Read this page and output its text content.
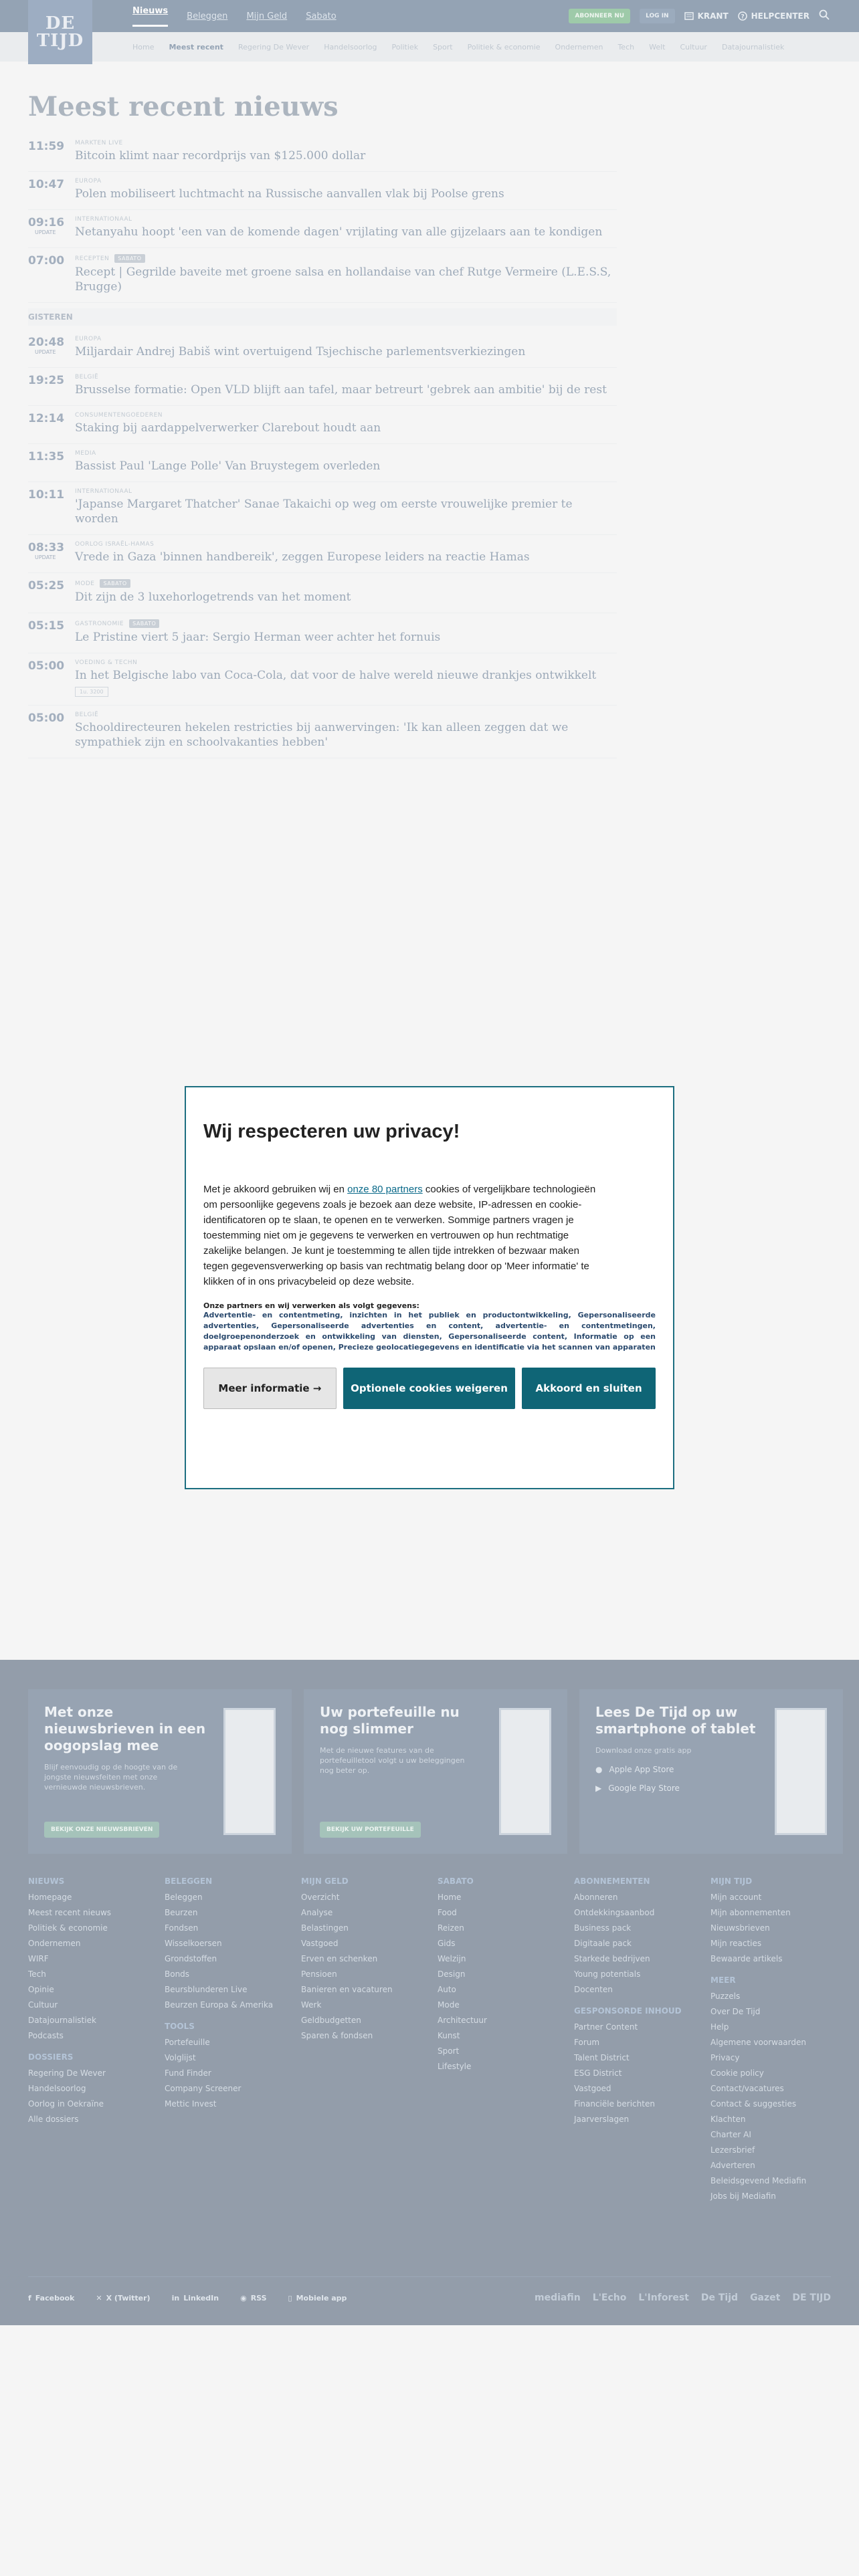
Wij respecteren uw privacy!
Met je akkoord gebruiken wij en onze 80 partners cookies of vergelijkbare technologieën om persoonlijke gegevens zoals je bezoek aan deze website, IP-adressen en cookie-identificatoren op te slaan, te openen en te verwerken. Sommige partners vragen je toestemming niet om je gegevens te verwerken en vertrouwen op hun rechtmatige zakelijke belangen. Je kunt je toestemming te allen tijde intrekken of bezwaar maken tegen gegevensverwerking op basis van rechtmatig belang door op 'Meer informatie' te klikken of in ons privacybeleid op deze website.
Onze partners en wij verwerken als volgt gegevens:
Advertentie- en contentmeting, inzichten in het publiek en productontwikkeling, Gepersonaliseerde advertenties, Gepersonaliseerde advertenties en content, advertentie- en contentmetingen, doelgroepenonderzoek en ontwikkeling van diensten, Gepersonaliseerde content, Informatie op een apparaat opslaan en/of openen, Precieze geolocatiegegevens en identificatie via het scannen van apparaten
Meer informatie →	Optionele cookies weigeren	Akkoord en sluiten
